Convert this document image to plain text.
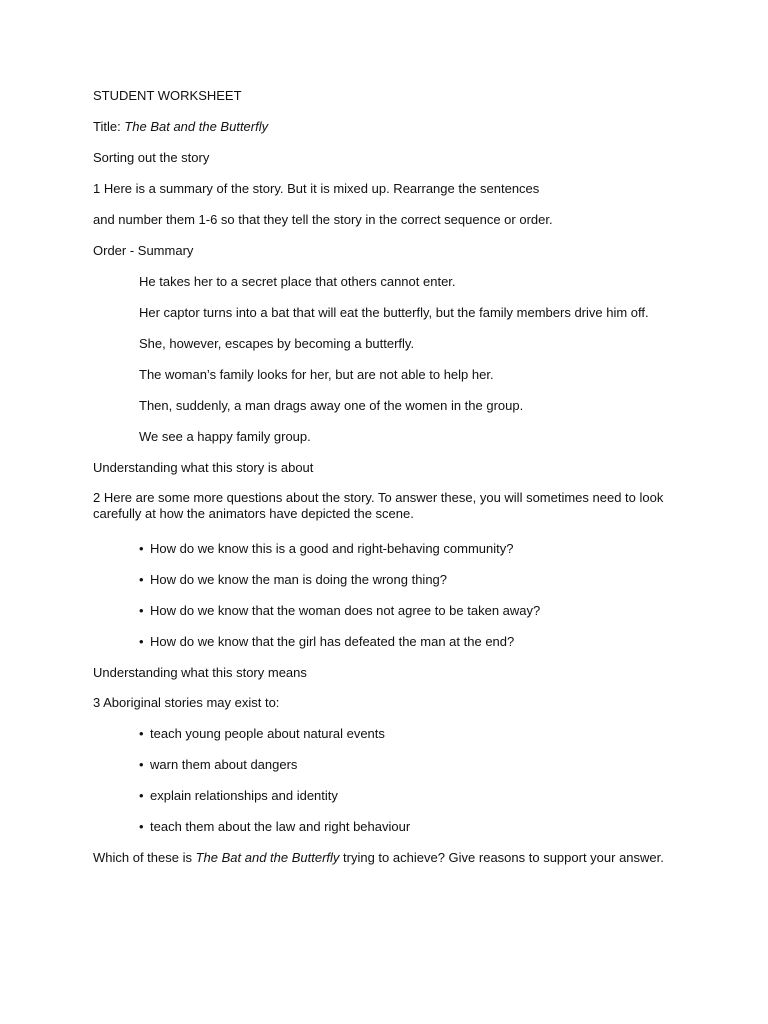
STUDENT WORKSHEET
Title: The Bat and the Butterfly
Sorting out the story
1 Here is a summary of the story. But it is mixed up. Rearrange the sentences
and number them 1-6 so that they tell the story in the correct sequence or order.
Order - Summary
He takes her to a secret place that others cannot enter.
Her captor turns into a bat that will eat the butterfly, but the family members drive him off.
She, however, escapes by becoming a butterfly.
The woman’s family looks for her, but are not able to help her.
Then, suddenly, a man drags away one of the women in the group.
We see a happy family group.
Understanding what this story is about
2 Here are some more questions about the story. To answer these, you will sometimes need to look carefully at how the animators have depicted the scene.
• How do we know this is a good and right-behaving community?
• How do we know the man is doing the wrong thing?
• How do we know that the woman does not agree to be taken away?
• How do we know that the girl has defeated the man at the end?
Understanding what this story means
3 Aboriginal stories may exist to:
• teach young people about natural events
• warn them about dangers
• explain relationships and identity
• teach them about the law and right behaviour
Which of these is The Bat and the Butterfly trying to achieve? Give reasons to support your answer.
